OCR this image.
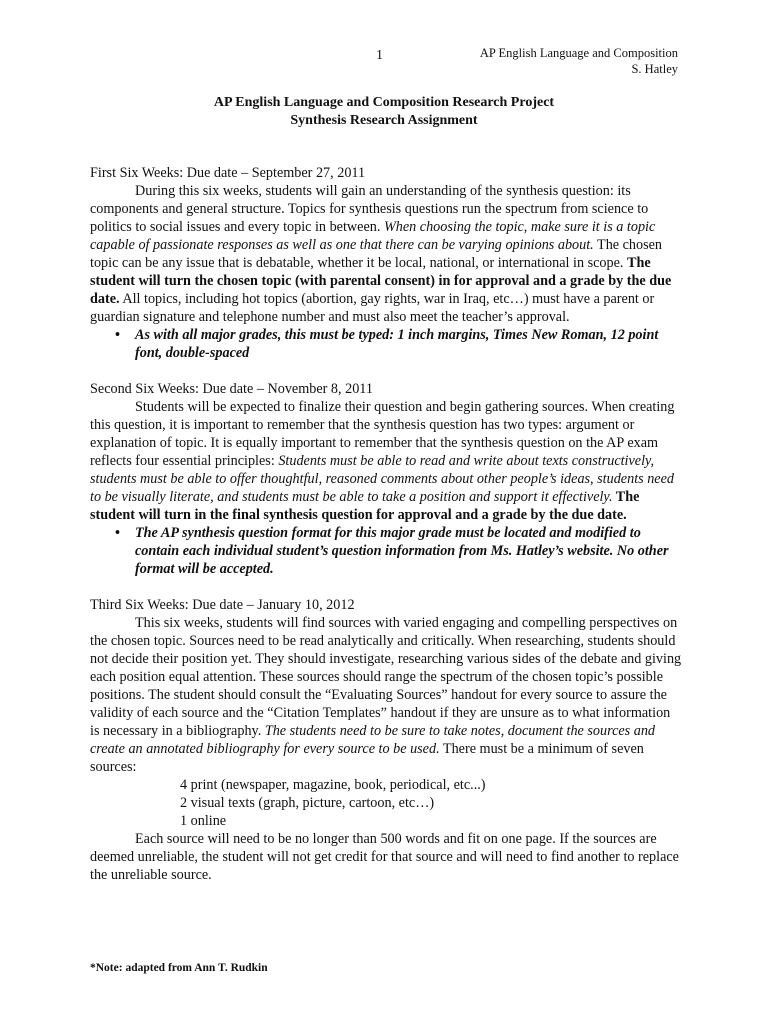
1	AP English Language and Composition
S. Hatley
AP English Language and Composition Research Project
Synthesis Research Assignment

First Six Weeks: Due date – September 27, 2011

During this six weeks, students will gain an understanding of the synthesis question: its components and general structure. Topics for synthesis questions run the spectrum from science to politics to social issues and every topic in between. When choosing the topic, make sure it is a topic capable of passionate responses as well as one that there can be varying opinions about. The chosen topic can be any issue that is debatable, whether it be local, national, or international in scope. The student will turn the chosen topic (with parental consent) in for approval and a grade by the due date. All topics, including hot topics (abortion, gay rights, war in Iraq, etc…) must have a parent or guardian signature and telephone number and must also meet the teacher’s approval.

• As with all major grades, this must be typed: 1 inch margins, Times New Roman, 12 point font, double-spaced

Second Six Weeks: Due date – November 8, 2011

Students will be expected to finalize their question and begin gathering sources. When creating this question, it is important to remember that the synthesis question has two types: argument or explanation of topic. It is equally important to remember that the synthesis question on the AP exam reflects four essential principles: Students must be able to read and write about texts constructively, students must be able to offer thoughtful, reasoned comments about other people’s ideas, students need to be visually literate, and students must be able to take a position and support it effectively. The student will turn in the final synthesis question for approval and a grade by the due date.

• The AP synthesis question format for this major grade must be located and modified to contain each individual student’s question information from Ms. Hatley’s website. No other format will be accepted.

Third Six Weeks: Due date – January 10, 2012

This six weeks, students will find sources with varied engaging and compelling perspectives on the chosen topic. Sources need to be read analytically and critically. When researching, students should not decide their position yet. They should investigate, researching various sides of the debate and giving each position equal attention. These sources should range the spectrum of the chosen topic’s possible positions. The student should consult the “Evaluating Sources” handout for every source to assure the validity of each source and the “Citation Templates” handout if they are unsure as to what information is necessary in a bibliography. The students need to be sure to take notes, document the sources and create an annotated bibliography for every source to be used. There must be a minimum of seven sources:

4 print (newspaper, magazine, book, periodical, etc...)
2 visual texts (graph, picture, cartoon, etc…)
1 online

Each source will need to be no longer than 500 words and fit on one page. If the sources are deemed unreliable, the student will not get credit for that source and will need to find another to replace the unreliable source.

*Note: adapted from Ann T. Rudkin
